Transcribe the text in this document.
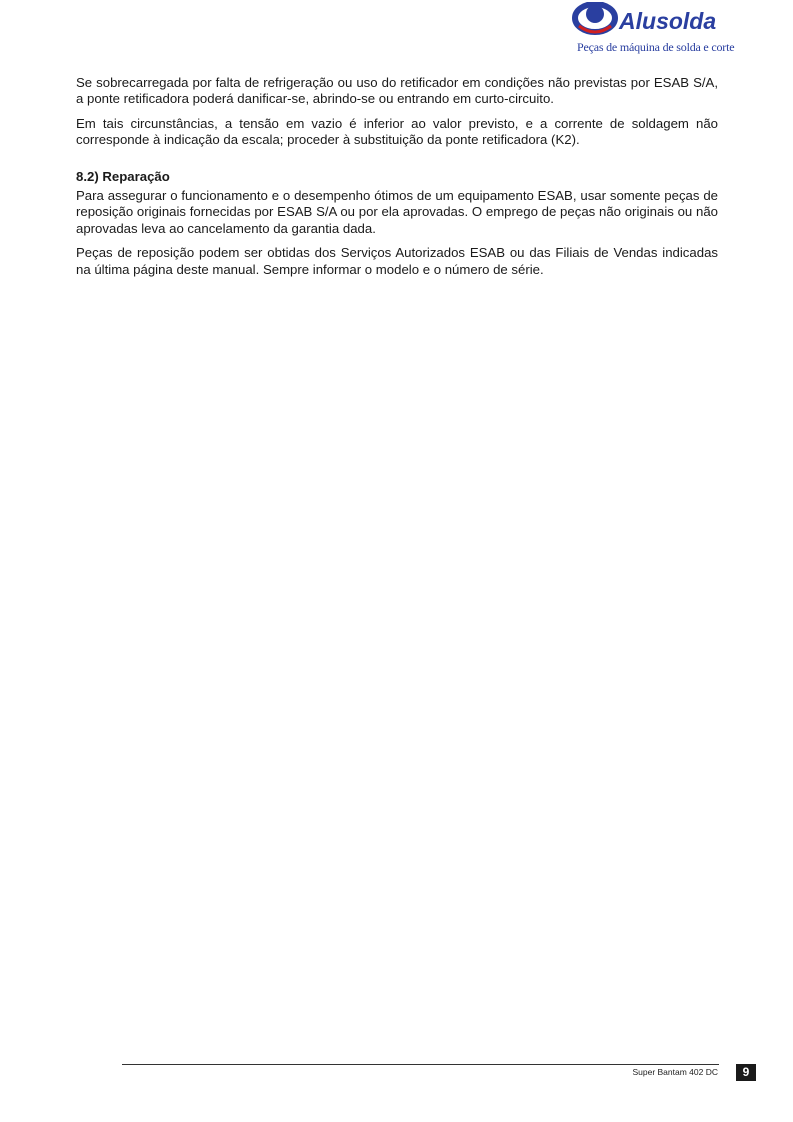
Alusolda
Peças de máquina de solda e corte

Se sobrecarregada por falta de refrigeração ou uso do retificador em condições não previstas por ESAB S/A, a ponte retificadora poderá danificar-se, abrindo-se ou entrando em curto-circuito.

Em tais circunstâncias, a tensão em vazio é inferior ao valor previsto, e a corrente de soldagem não corresponde à indicação da escala; proceder à substituição da ponte retificadora (K2).

8.2) Reparação

Para assegurar o funcionamento e o desempenho ótimos de um equipamento ESAB, usar somente peças de reposição originais fornecidas por ESAB S/A ou por ela aprovadas. O emprego de peças não originais ou não aprovadas leva ao cancelamento da garantia dada.

Peças de reposição podem ser obtidas dos Serviços Autorizados ESAB ou das Filiais de Vendas indicadas na última página deste manual. Sempre informar o modelo e o número de série.

Super Bantam 402 DC	9
